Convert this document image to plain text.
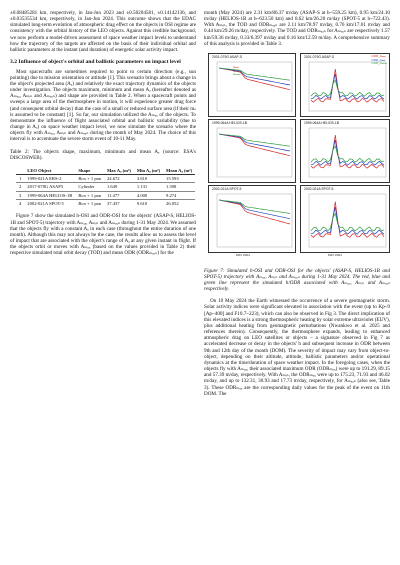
±0.08485281 km, respectively, in Jan-Jun 2023 and ±0.50204581, ±0.14142136, and ±0.03535534 km, respectively, in Jan-Jun 2024. This outcome shows that the EDAC simulated long-term evolution of atmospheric drag effect on the objects in OSI regime are consistency with the orbital history of the LEO objects. Against this credible background, we now perform a model-driven assessment of space weather impact levels to understand how the trajectory of the targets are affected on the basis of their individual orbital and ballistic parameters at the instant (and duration) of energetic solar activity impact.

3.2 Influence of object's orbital and ballistic parameters on impact level

Most spacecrafts are sometimes required to point to certain direction (e.g., sun pointing) due to mission orientation or attitude [1]. This scenario brings about a change in the object's projected area (Aₐ) and relatively the exact trajectory dynamics of the objects under investigation. The objects maximum, minimum and mean Aₐ (hereafter denoted as Aₘₐₓ, Aₘᵢₙ and Aₘₑₐₙ) and shape are provided in Table 2. When a spacecraft points and sweeps a large area of the thermosphere in motion, it will experience greater drag force (and consequent orbital decay) than the case of a small or reduced surface area (if their mₛ is assumed to be constant) [1]. So far, our simulation utilized the Aₘₐₓ of the objects. To demonstrate the influence of flight associated orbital and ballistic variability (due to change in Aₐ) on space weather impact level, we now simulate the scenario where the objects fly with Aₘₐₓ, Aₘᵢₙ and Aₘₑₐₙ during the month of May 2024. The choice of this interval is to accentuate the severe storm event of 10-11 May.

Table 2: The objects shape, maximum, minimum and mean Aₐ (source: ESA's DISCOSWEB).

	LEO Object	Shape	Max Aₐ (m²)	Min Aₐ (m²)	Mean Aₐ (m²)
1	1999-021A ERS-2	Box + 1 pan	24.672	3.610	15.593
2	2017-078G ASAP5	Cylinder	1.649	1.131	1.508
3	1999-064A HELIOS-1B	Box + 1 pan	11.477	4.000	9.274
4	2002-021A SPOT-5	Box + 1 pan	37.437	9.610	26.052

Figure 7 show the simulated h-OSI and ODR-OSI for the objects' (ASAP-S, HELIOS-1B and SPOT-5) trajectory with Aₘₐₓ, Aₘᵢₙ and Aₘₑₐₙ during 1-31 May 2024. We assumed that the objects fly with a constant Aₐ in each case (throughout the entire duration of one month). Although this may not always be the case, the results allow us to assess the level of impact that are associated with the object's range of Aₐ at any given instant in flight. If the objects orbit or moves with Aₘₐₓ (based on the values provided in Table 2) their respective simulated total orbit decay (TOD) and mean ODR (ODRₘₑₐₙ) for the

month (May 2024) are 2.31 km/86.37 m/day (ASAP-S at h~559.25 km), 0.95 km/24.10 m/day (HELIOS-1B at h~623.50 km) and 0.62 km/26.20 m/day (SPOT-5 at h~722.43). With Aₘᵢₙ, the TOD and ODRₘₑₐₙ are 2.11 km/78.97 m/day, 0.76 km/17.01 m/day and 0.44 km/29.26 m/day, respectively. The TOD and ODRₘₑₐₙ for Aₘₑₐₙ are respectively 1.57 km/59.36 m/day, 0.33/6.397 m/day and 0.16 km/12.59 m/day. A comprehensive summary of this analysis is provided in Table 3.

2001-079G ASAP-S
Aₘₐₓ
Aₘᵢₙ
Aₘₑₐₙ
2001-079G ASAP-S	ODR_Aₘₐₓ
ODR_Aₘᵢₙ
ODR_Aₘₑₐₙ
1999-064A HELIOS-1B	1999-064A HELIOS-1B
2002-021A SPOT-5	2002-021A SPOT-5
MAY 2024	MAY 2024

Figure 7: Simulated h-OSI and ODR-OSI for the objects' (ASAP-S, HELIOS-1B and SPOT-5) trajectory with Aₘₐₓ, Aₘᵢₙ and Aₘₑₐₙ during 1-31 May 2024. The red, blue and green line represent the simulated h/ODR associated with Aₘₐₓ, Aₘᵢₙ and Aₘₑₐₙ respectively.

On 10 May 2024 the Earth witnessed the occurrence of a severe geomagnetic storm. Solar activity indices were significant elevated in association with the event (up to Kp~9 [Ap~400] and F10.7~223), which can also be observed in Fig 3. The direct implication of this elevated indices is a strong thermospheric heating by solar extreme ultraviolet (EUV), plus additional heating from geomagnetic perturbations (Nwankwo et al. 2025 and references therein). Consequently, the thermosphere expands, leading to enhanced atmospheric drag on LEO satellites or objects – a signature observed in Fig 7 as accelerated decrease or decay in the objects' h and subsequent increase in ODR between 9th and 12th day of the month (DOM). The severity of impact may vary from object-to-object, depending on their altitude, attitude, ballistic parameters and/or operational dynamics at the time/duration of space weather impact. In the foregoing cases, when the objects fly with Aₘₐₓ, their associated maximum ODR (ODRₘₐₓ) were up to 191.29, 89.15 and 57.39 m/day, respectively. With Aₘᵢₙ, the ODRₘₐₓ were up to 175.23, 71.93 and 46.02 m/day, and up to 132.31, 30.93 and 17.73 m/day, respectively, for Aₘₑₐₙ (also see, Table 3). These ODRₘₐₓ are the corresponding daily values for the peak of the event on 11th DOM. The
